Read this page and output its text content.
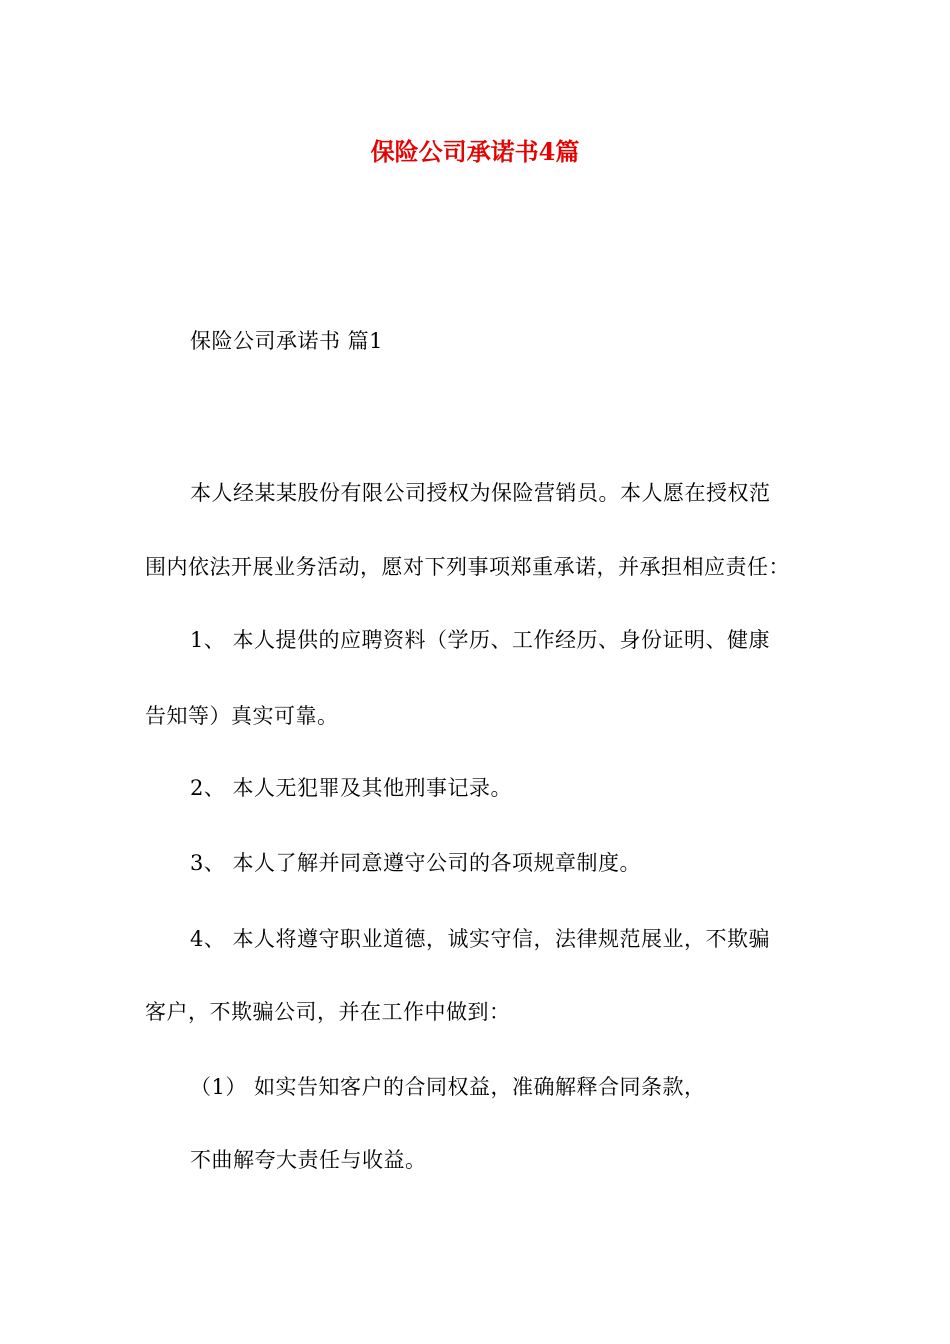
保险公司承诺书4篇
保险公司承诺书 篇1
本人经某某股份有限公司授权为保险营销员。本人愿在授权范
围内依法开展业务活动，愿对下列事项郑重承诺，并承担相应责任：
1、 本人提供的应聘资料（学历、工作经历、身份证明、健康
告知等）真实可靠。
2、 本人无犯罪及其他刑事记录。
3、 本人了解并同意遵守公司的各项规章制度。
4、 本人将遵守职业道德，诚实守信，法律规范展业，不欺骗
客户，不欺骗公司，并在工作中做到：
（1） 如实告知客户的合同权益，准确解释合同条款，
不曲解夸大责任与收益。
